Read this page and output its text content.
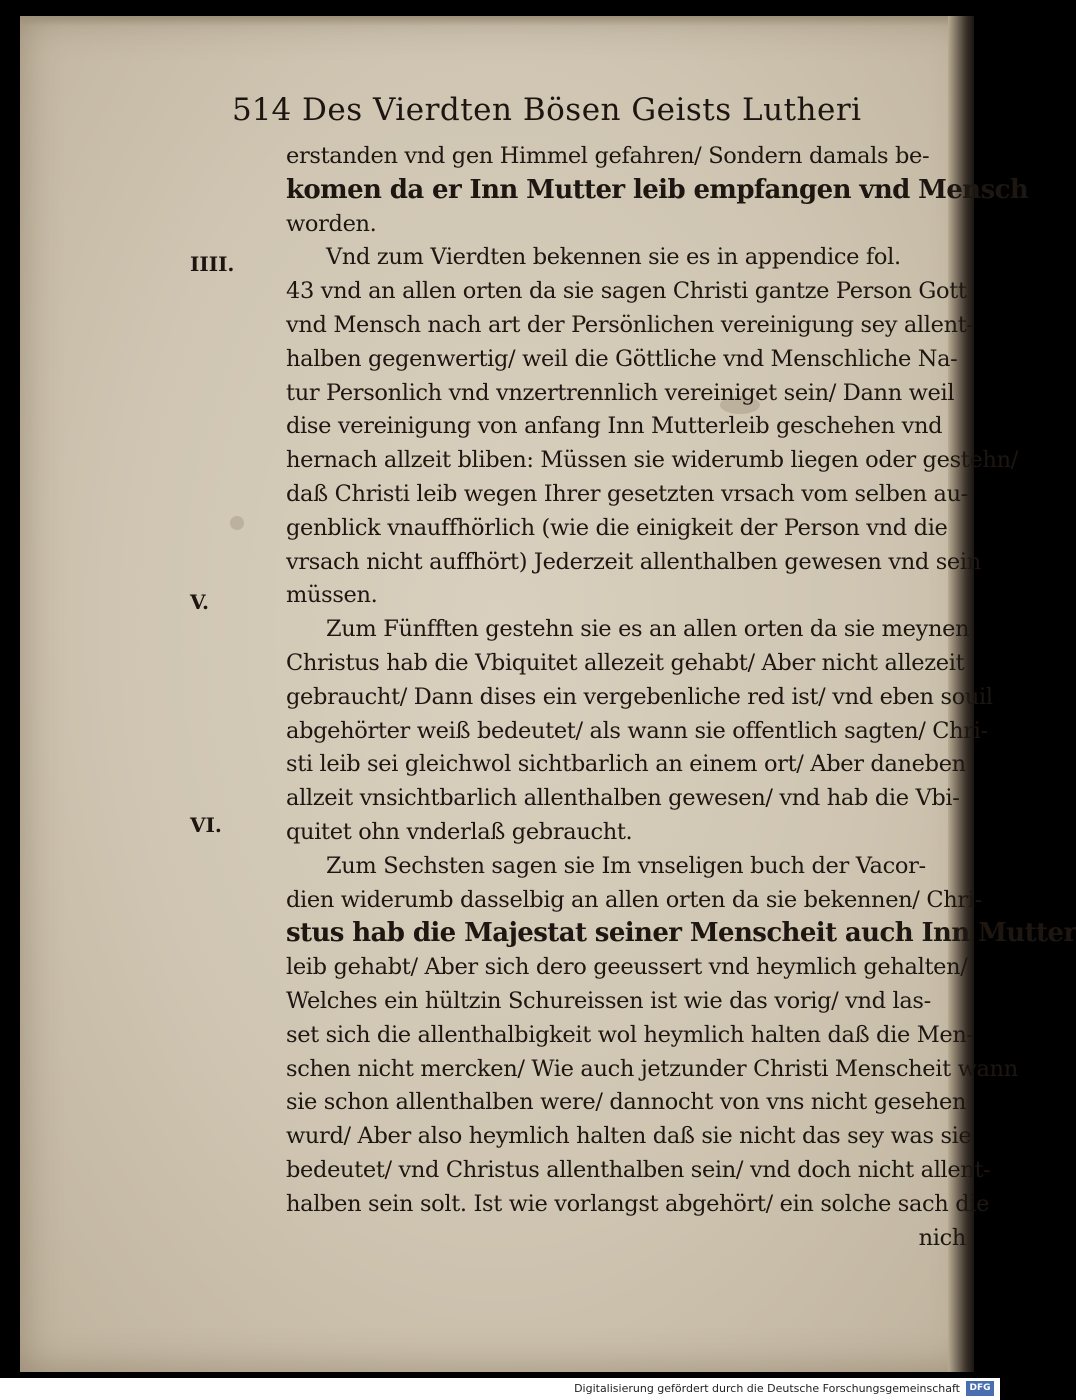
514 Des Vierdten Bösen Geists Lutheri
IIII.
V.
VI.
erstanden vnd gen Himmel gefahren/ Sondern damals be-
komen da er Inn Mutter leib empfangen vnd Mensch
worden.
Vnd zum Vierdten bekennen sie es in appendice fol.
43 vnd an allen orten da sie sagen Christi gantze Person Gott
vnd Mensch nach art der Persönlichen vereinigung sey allent-
halben gegenwertig/ weil die Göttliche vnd Menschliche Na-
tur Personlich vnd vnzertrennlich vereiniget sein/ Dann weil
dise vereinigung von anfang Inn Mutterleib geschehen vnd
hernach allzeit bliben: Müssen sie widerumb liegen oder gestehn/
daß Christi leib wegen Ihrer gesetzten vrsach vom selben au-
genblick vnauffhörlich (wie die einigkeit der Person vnd die
vrsach nicht auffhört) Jederzeit allenthalben gewesen vnd sein
müssen.
Zum Fünfften gestehn sie es an allen orten da sie meynen
Christus hab die Vbiquitet allezeit gehabt/ Aber nicht allezeit
gebraucht/ Dann dises ein vergebenliche red ist/ vnd eben souil
abgehörter weiß bedeutet/ als wann sie offentlich sagten/ Chri-
sti leib sei gleichwol sichtbarlich an einem ort/ Aber daneben
allzeit vnsichtbarlich allenthalben gewesen/ vnd hab die Vbi-
quitet ohn vnderlaß gebraucht.
Zum Sechsten sagen sie Im vnseligen buch der Vacor-
dien widerumb dasselbig an allen orten da sie bekennen/ Chri-
stus hab die Majestat seiner Menscheit auch Inn Mutter
leib gehabt/ Aber sich dero geeussert vnd heymlich gehalten/
Welches ein hültzin Schureissen ist wie das vorig/ vnd las-
set sich die allenthalbigkeit wol heymlich halten daß die Men-
schen nicht mercken/ Wie auch jetzunder Christi Menscheit wann
sie schon allenthalben were/ dannocht von vns nicht gesehen
wurd/ Aber also heymlich halten daß sie nicht das sey was sie
bedeutet/ vnd Christus allenthalben sein/ vnd doch nicht allent-
halben sein solt. Ist wie vorlangst abgehört/ ein solche sach die
nich
Digitalisierung gefördert durch die Deutsche Forschungsgemeinschaft	DFG
